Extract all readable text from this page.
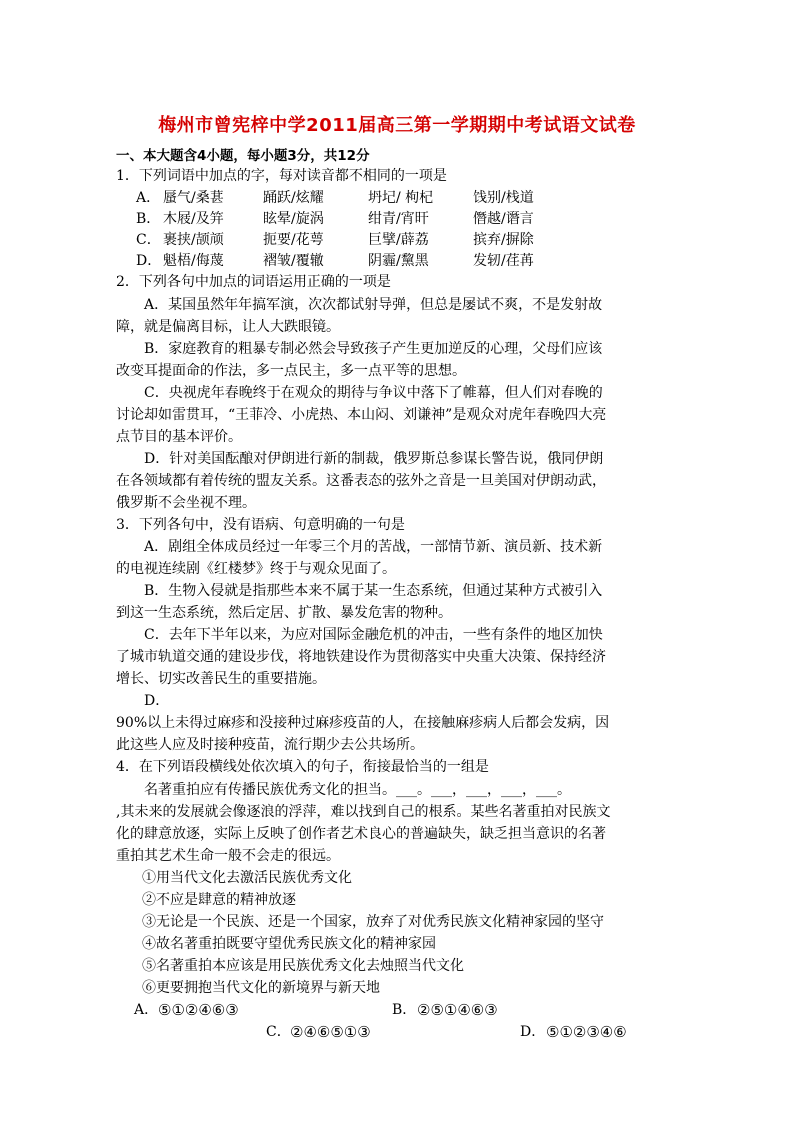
梅州市曾宪梓中学2011届高三第一学期期中考试语文试卷
一、本大题含4小题，每小题3分，共12分
1．下列词语中加点的字，每对读音都不相同的一项是
A． 蜃气/桑葚	踊跃/炫耀	坍圮/ 枸杞	饯别/栈道
B． 木屐/及笄	眩晕/旋涡	绀青/宵旰	僭越/谮言
C． 裹挟/颉颃	扼要/花萼	巨擘/薜荔	摈弃/摒除
D． 魁梧/侮蔑	褶皱/覆辙	阴霾/黧黑	发轫/荏苒
2．下列各句中加点的词语运用正确的一项是
A．某国虽然年年搞军演，次次都试射导弹，但总是屡试不爽，不是发射故
障，就是偏离目标，让人大跌眼镜。
B．家庭教育的粗暴专制必然会导致孩子产生更加逆反的心理，父母们应该
改变耳提面命的作法，多一点民主，多一点平等的思想。
C．央视虎年春晚终于在观众的期待与争议中落下了帷幕，但人们对春晚的
讨论却如雷贯耳，“王菲冷、小虎热、本山闷、刘谦神”是观众对虎年春晚四大亮
点节目的基本评价。
D．针对美国酝酿对伊朗进行新的制裁，俄罗斯总参谋长警告说，俄同伊朗
在各领域都有着传统的盟友关系。这番表态的弦外之音是一旦美国对伊朗动武，
俄罗斯不会坐视不理。
3．下列各句中，没有语病、句意明确的一句是
A．剧组全体成员经过一年零三个月的苦战，一部情节新、演员新、技术新
的电视连续剧《红楼梦》终于与观众见面了。
B．生物入侵就是指那些本来不属于某一生态系统，但通过某种方式被引入
到这一生态系统，然后定居、扩散、暴发危害的物种。
C．去年下半年以来，为应对国际金融危机的冲击，一些有条件的地区加快
了城市轨道交通的建设步伐，将地铁建设作为贯彻落实中央重大决策、保持经济
增长、切实改善民生的重要措施。
D．
90%以上未得过麻疹和没接种过麻疹疫苗的人，在接触麻疹病人后都会发病，因
此这些人应及时接种疫苗，流行期少去公共场所。
4．在下列语段横线处依次填入的句子，衔接最恰当的一组是
名著重拍应有传播民族优秀文化的担当。___。___，___，___，___。
,其未来的发展就会像逐浪的浮萍，难以找到自己的根系。某些名著重拍对民族文
化的肆意放逐，实际上反映了创作者艺术良心的普遍缺失，缺乏担当意识的名著
重拍其艺术生命一般不会走的很远。
①用当代文化去激活民族优秀文化
②不应是肆意的精神放逐
③无论是一个民族、还是一个国家，放弃了对优秀民族文化精神家园的坚守
④故名著重拍既要守望优秀民族文化的精神家园
⑤名著重拍本应该是用民族优秀文化去烛照当代文化
⑥更要拥抱当代文化的新境界与新天地
A． ⑤①②④⑥③	B． ②⑤①④⑥③
C． ②④⑥⑤①③	D． ⑤①②③④⑥
